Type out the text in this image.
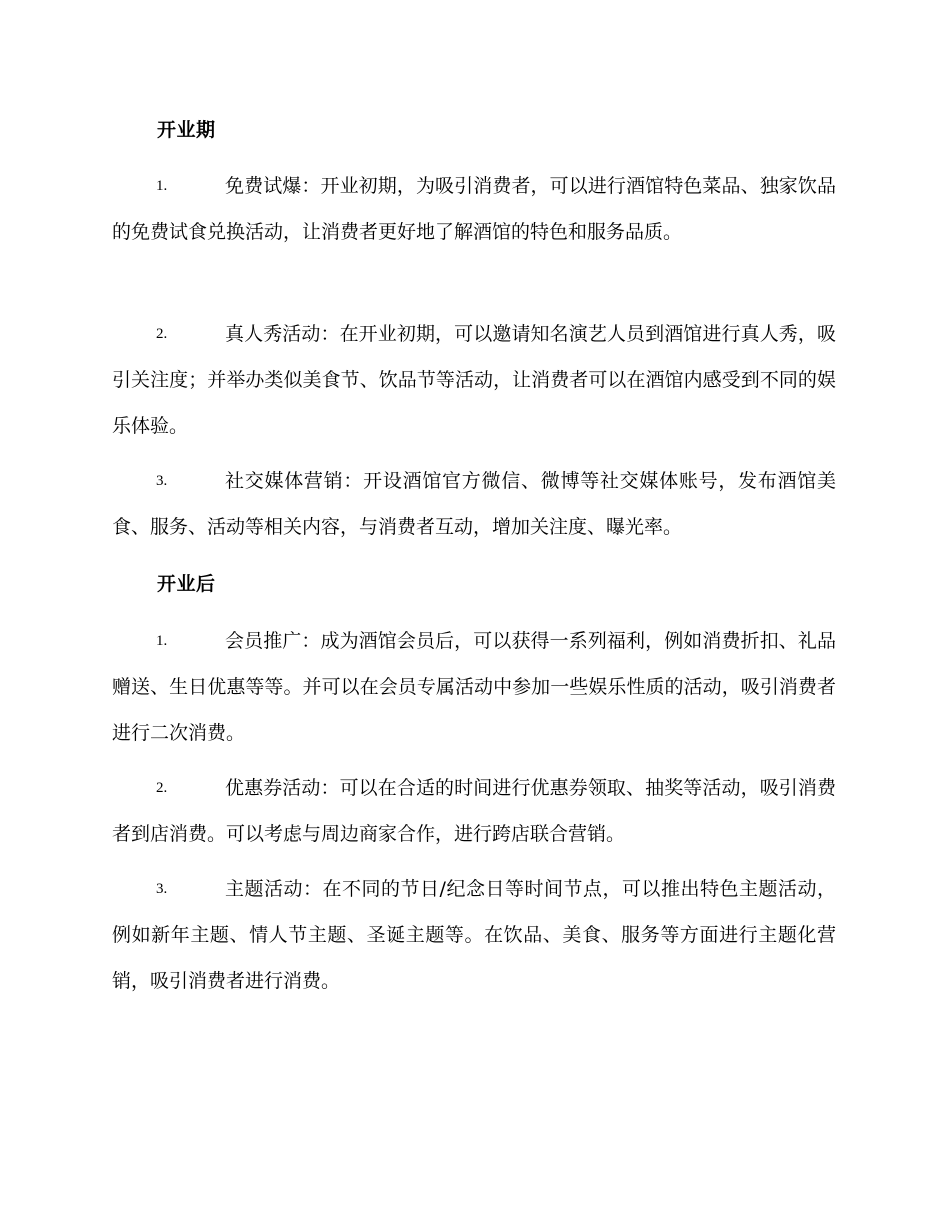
开业期
1.	免费试爆：开业初期，为吸引消费者，可以进行酒馆特色菜品、独家饮品的免费试食兑换活动，让消费者更好地了解酒馆的特色和服务品质。
2.	真人秀活动：在开业初期，可以邀请知名演艺人员到酒馆进行真人秀，吸引关注度；并举办类似美食节、饮品节等活动，让消费者可以在酒馆内感受到不同的娱乐体验。
3.	社交媒体营销：开设酒馆官方微信、微博等社交媒体账号，发布酒馆美食、服务、活动等相关内容，与消费者互动，增加关注度、曝光率。
开业后
1.	会员推广：成为酒馆会员后，可以获得一系列福利，例如消费折扣、礼品赠送、生日优惠等等。并可以在会员专属活动中参加一些娱乐性质的活动，吸引消费者进行二次消费。
2.	优惠券活动：可以在合适的时间进行优惠券领取、抽奖等活动，吸引消费者到店消费。可以考虑与周边商家合作，进行跨店联合营销。
3.	主题活动：在不同的节日/纪念日等时间节点，可以推出特色主题活动，例如新年主题、情人节主题、圣诞主题等。在饮品、美食、服务等方面进行主题化营销，吸引消费者进行消费。
